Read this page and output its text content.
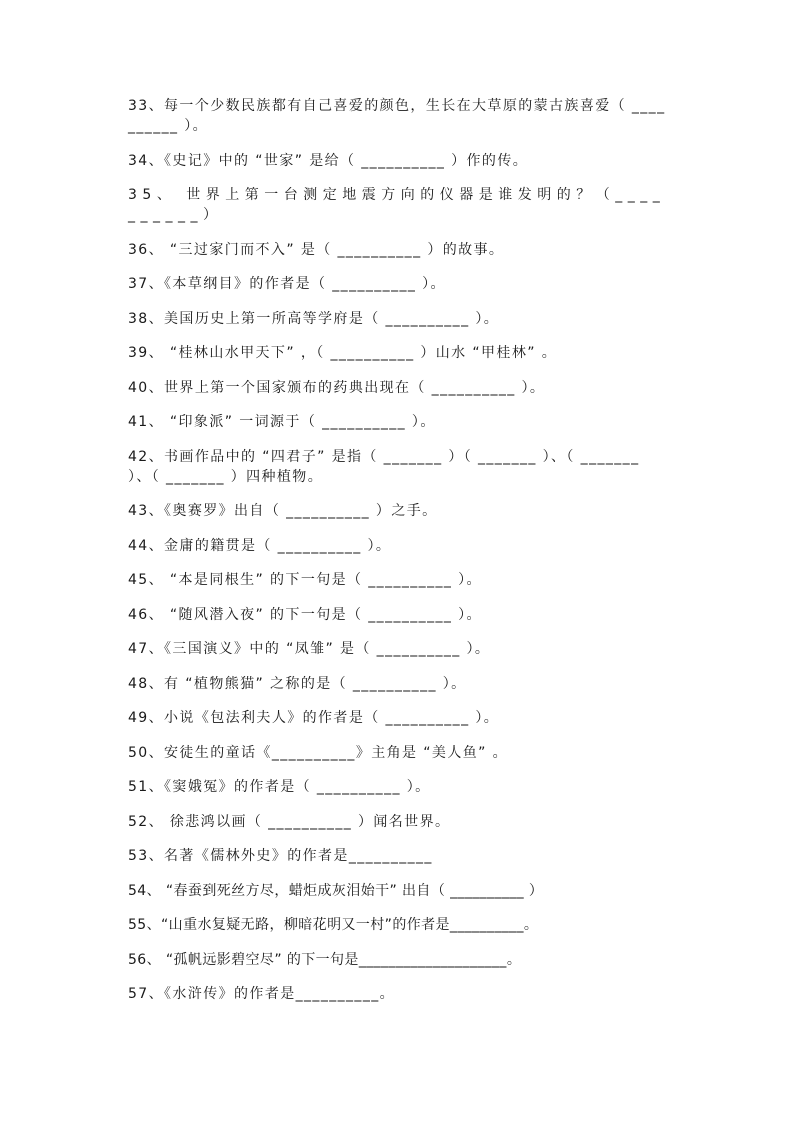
33、每一个少数民族都有自己喜爱的颜色，生长在大草原的蒙古族喜爱（ __________ ）。
34、《史记》中的 “世家” 是给（ __________ ）作的传。
35、 世界上第一台测定地震方向的仪器是谁发明的？（__________）
36、 “三过家门而不入” 是（ __________ ）的故事。
37、《本草纲目》的作者是（ __________ ）。
38、美国历史上第一所高等学府是（ __________ ）。
39、 “桂林山水甲天下” ，（ __________ ）山水 “甲桂林” 。
40、世界上第一个国家颁布的药典出现在（ __________ ）。
41、 “印象派” 一词源于（ __________ ）。
42、书画作品中的 “四君子” 是指（ _______ ）（ _______ ）、（ _______ ）、（ _______ ）四种植物。
43、《奥赛罗》出自（ __________ ）之手。
44、金庸的籍贯是（ __________ ）。
45、 “本是同根生” 的下一句是（ __________ ）。
46、 “随风潜入夜” 的下一句是（ __________ ）。
47、《三国演义》中的 “凤雏” 是（ __________ ）。
48、有 “植物熊猫” 之称的是（ __________ ）。
49、小说《包法利夫人》的作者是（ __________ ）。
50、安徒生的童话《__________》主角是 “美人鱼” 。
51、《窦娥冤》的作者是（ __________ ）。
52、 徐悲鸿以画（ __________ ）闻名世界。
53、名著《儒林外史》的作者是__________
54、 “春蚕到死丝方尽，蜡炬成灰泪始干” 出自（ __________ ）
55、“山重水复疑无路，柳暗花明又一村”的作者是__________。
56、 “孤帆远影碧空尽” 的下一句是____________________。
57、《水浒传》的作者是__________。
